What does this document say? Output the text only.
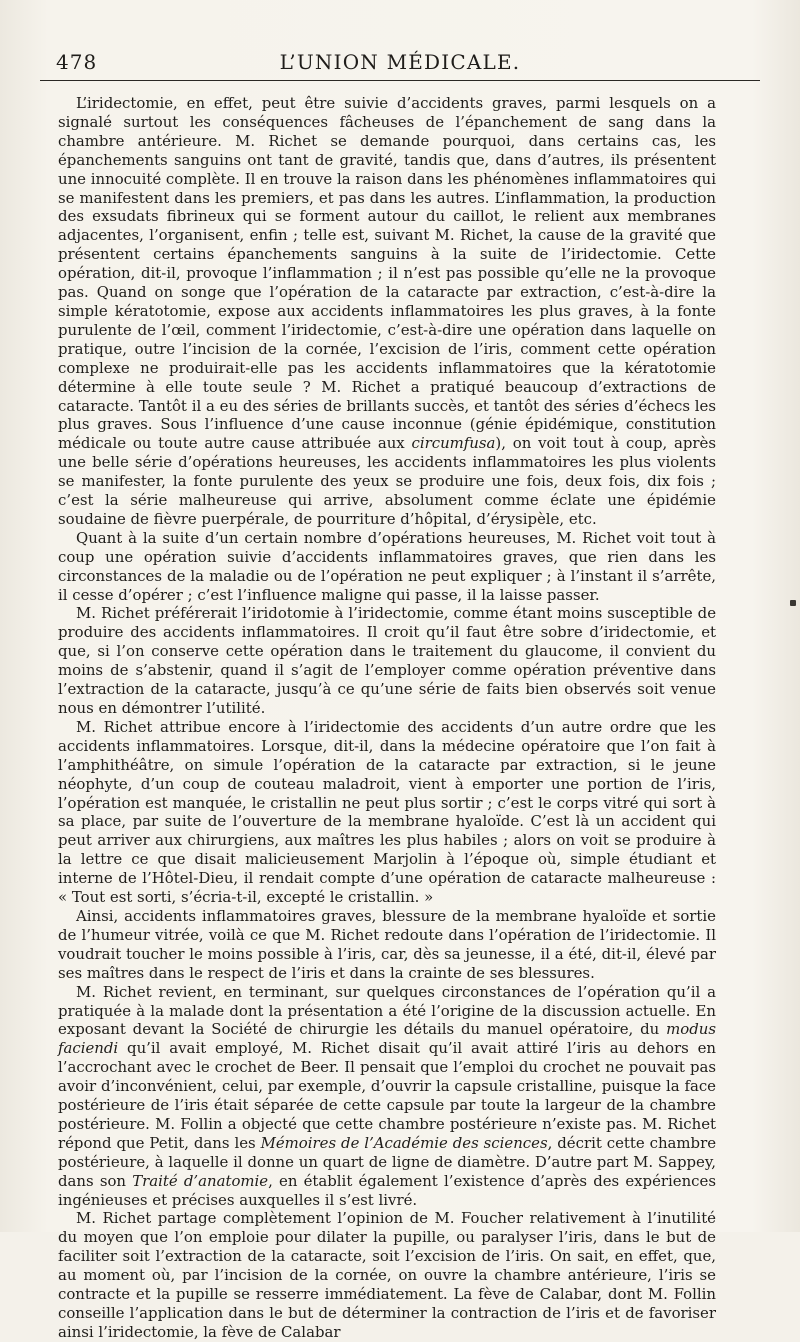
478	L’UNION MÉDICALE.

L’iridectomie, en effet, peut être suivie d’accidents graves, parmi lesquels on a signalé surtout les conséquences fâcheuses de l’épanchement de sang dans la chambre antérieure. M. Richet se demande pourquoi, dans certains cas, les épanchements sanguins ont tant de gravité, tandis que, dans d’autres, ils présentent une innocuité complète. Il en trouve la raison dans les phénomènes inflammatoires qui se manifestent dans les premiers, et pas dans les autres. L’inflammation, la production des exsudats fibrineux qui se forment autour du caillot, le relient aux membranes adjacentes, l’organisent, enfin ; telle est, suivant M. Richet, la cause de la gravité que présentent certains épanchements sanguins à la suite de l’iridectomie. Cette opération, dit-il, provoque l’inflammation ; il n’est pas possible qu’elle ne la provoque pas. Quand on songe que l’opération de la cataracte par extraction, c’est-à-dire la simple kératotomie, expose aux accidents inflammatoires les plus graves, à la fonte purulente de l’œil, comment l’iridectomie, c’est-à-dire une opération dans laquelle on pratique, outre l’incision de la cornée, l’excision de l’iris, comment cette opération complexe ne produirait-elle pas les accidents inflammatoires que la kératotomie détermine à elle toute seule ? M. Richet a pratiqué beaucoup d’extractions de cataracte. Tantôt il a eu des séries de brillants succès, et tantôt des séries d’échecs les plus graves. Sous l’influence d’une cause inconnue (génie épidémique, constitution médicale ou toute autre cause attribuée aux circumfusa), on voit tout à coup, après une belle série d’opérations heureuses, les accidents inflammatoires les plus violents se manifester, la fonte purulente des yeux se produire une fois, deux fois, dix fois ; c’est la série malheureuse qui arrive, absolument comme éclate une épidémie soudaine de fièvre puerpérale, de pourriture d’hôpital, d’érysipèle, etc.

Quant à la suite d’un certain nombre d’opérations heureuses, M. Richet voit tout à coup une opération suivie d’accidents inflammatoires graves, que rien dans les circonstances de la maladie ou de l’opération ne peut expliquer ; à l’instant il s’arrête, il cesse d’opérer ; c’est l’influence maligne qui passe, il la laisse passer.

M. Richet préférerait l’iridotomie à l’iridectomie, comme étant moins susceptible de produire des accidents inflammatoires. Il croit qu’il faut être sobre d’iridectomie, et que, si l’on conserve cette opération dans le traitement du glaucome, il convient du moins de s’abstenir, quand il s’agit de l’employer comme opération préventive dans l’extraction de la cataracte, jusqu’à ce qu’une série de faits bien observés soit venue nous en démontrer l’utilité.

M. Richet attribue encore à l’iridectomie des accidents d’un autre ordre que les accidents inflammatoires. Lorsque, dit-il, dans la médecine opératoire que l’on fait à l’amphithéâtre, on simule l’opération de la cataracte par extraction, si le jeune néophyte, d’un coup de couteau maladroit, vient à emporter une portion de l’iris, l’opération est manquée, le cristallin ne peut plus sortir ; c’est le corps vitré qui sort à sa place, par suite de l’ouverture de la membrane hyaloïde. C’est là un accident qui peut arriver aux chirurgiens, aux maîtres les plus habiles ; alors on voit se produire à la lettre ce que disait malicieusement Marjolin à l’époque où, simple étudiant et interne de l’Hôtel-Dieu, il rendait compte d’une opération de cataracte malheureuse : « Tout est sorti, s’écria-t-il, excepté le cristallin. »

Ainsi, accidents inflammatoires graves, blessure de la membrane hyaloïde et sortie de l’humeur vitrée, voilà ce que M. Richet redoute dans l’opération de l’iridectomie. Il voudrait toucher le moins possible à l’iris, car, dès sa jeunesse, il a été, dit-il, élevé par ses maîtres dans le respect de l’iris et dans la crainte de ses blessures.

M. Richet revient, en terminant, sur quelques circonstances de l’opération qu’il a pratiquée à la malade dont la présentation a été l’origine de la discussion actuelle. En exposant devant la Société de chirurgie les détails du manuel opératoire, du modus faciendi qu’il avait employé, M. Richet disait qu’il avait attiré l’iris au dehors en l’accrochant avec le crochet de Beer. Il pensait que l’emploi du crochet ne pouvait pas avoir d’inconvénient, celui, par exemple, d’ouvrir la capsule cristalline, puisque la face postérieure de l’iris était séparée de cette capsule par toute la largeur de la chambre postérieure. M. Follin a objecté que cette chambre postérieure n’existe pas. M. Richet répond que Petit, dans les Mémoires de l’Académie des sciences, décrit cette chambre postérieure, à laquelle il donne un quart de ligne de diamètre. D’autre part M. Sappey, dans son Traité d’anatomie, en établit également l’existence d’après des expériences ingénieuses et précises auxquelles il s’est livré.

M. Richet partage complètement l’opinion de M. Foucher relativement à l’inutilité du moyen que l’on emploie pour dilater la pupille, ou paralyser l’iris, dans le but de faciliter soit l’extraction de la cataracte, soit l’excision de l’iris. On sait, en effet, que, au moment où, par l’incision de la cornée, on ouvre la chambre antérieure, l’iris se contracte et la pupille se resserre immédiatement. La fève de Calabar, dont M. Follin conseille l’application dans le but de déterminer la contraction de l’iris et de favoriser ainsi l’iridectomie, la fève de Calabar
